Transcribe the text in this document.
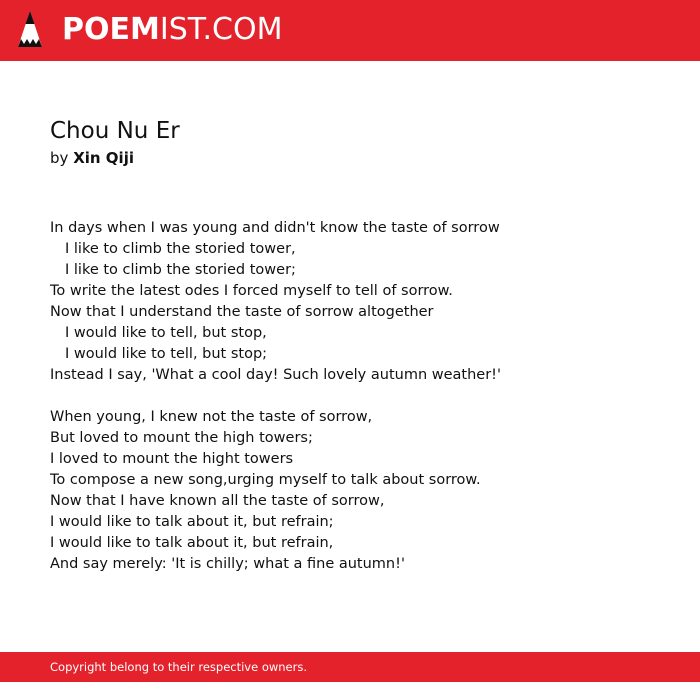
POEMIST.COM
Chou Nu Er

by Xin Qiji

In days when I was young and didn't know the taste of sorrow
I like to climb the storied tower,
I like to climb the storied tower;
To write the latest odes I forced myself to tell of sorrow.
Now that I understand the taste of sorrow altogether
I would like to tell, but stop,
I would like to tell, but stop;
Instead I say, 'What a cool day! Such lovely autumn weather!'
When young, I knew not the taste of sorrow,
But loved to mount the high towers;
I loved to mount the hight towers
To compose a new song,urging myself to talk about sorrow.
Now that I have known all the taste of sorrow,
I would like to talk about it, but refrain;
I would like to talk about it, but refrain,
And say merely: 'It is chilly; what a fine autumn!'
Copyright belong to their respective owners.
